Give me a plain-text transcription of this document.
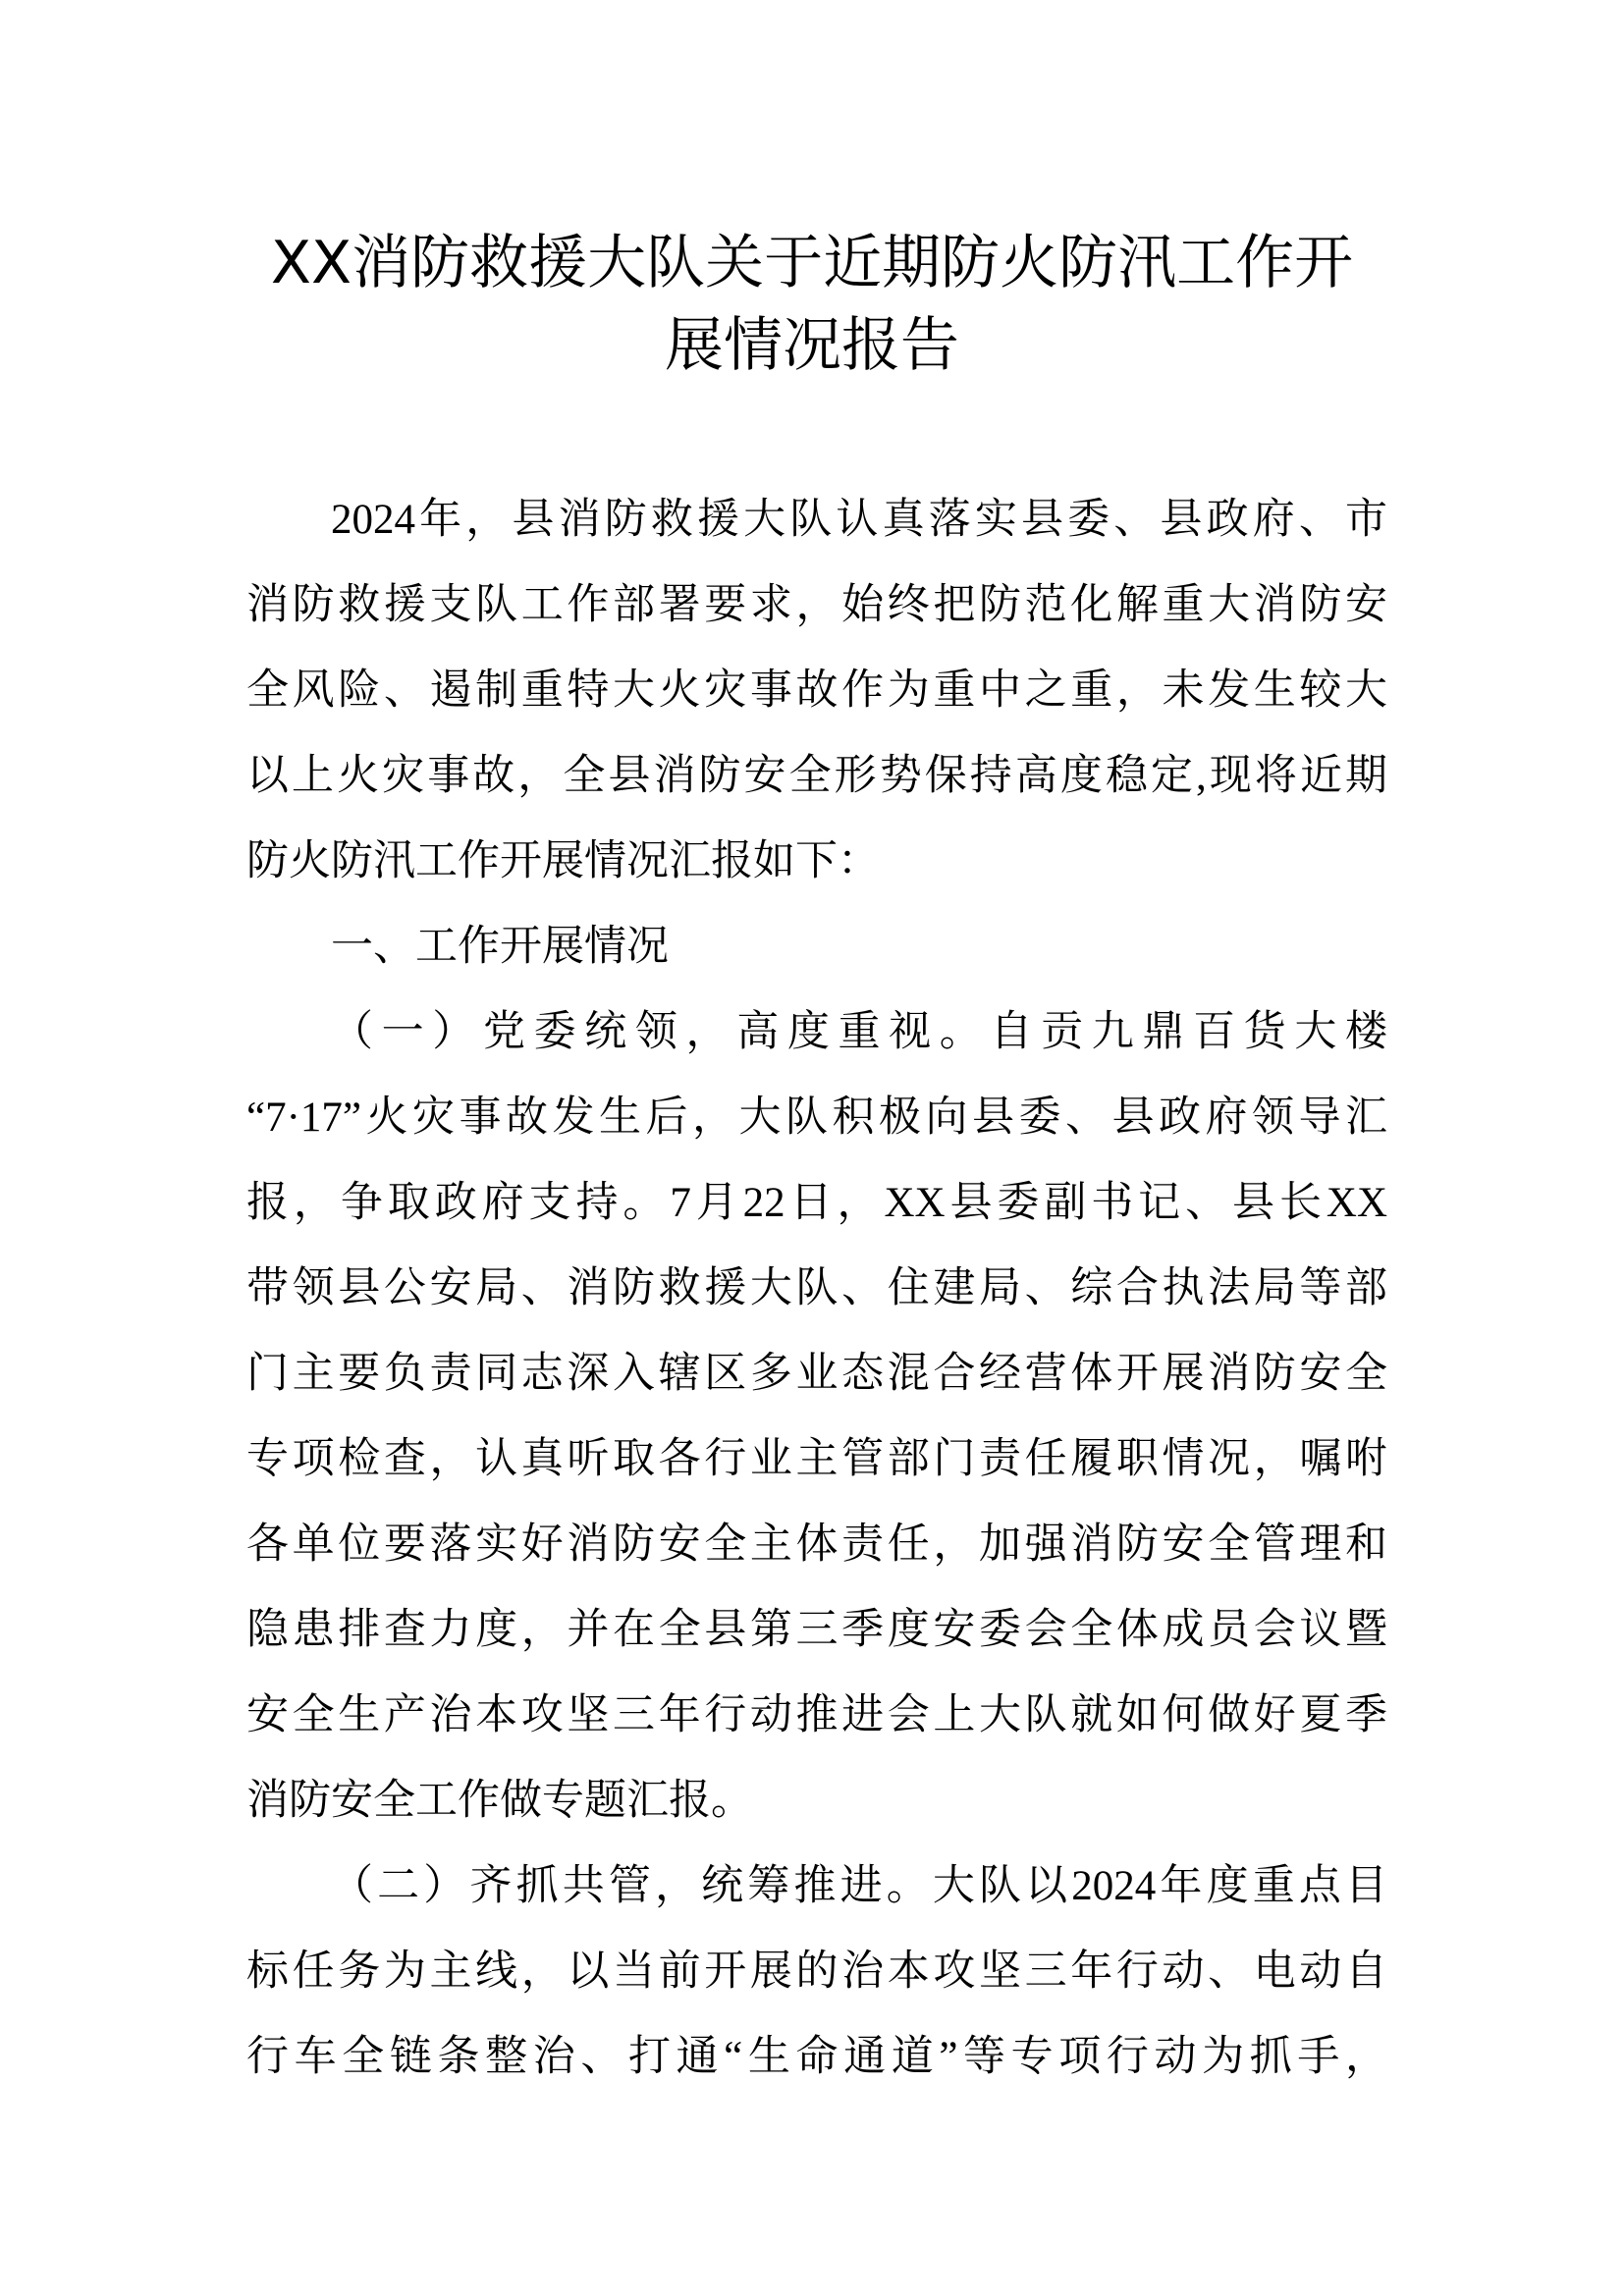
XX消防救援大队关于近期防火防汛工作开
展情况报告
2024年，县消防救援大队认真落实县委、县政府、市
消防救援支队工作部署要求，始终把防范化解重大消防安
全风险、遏制重特大火灾事故作为重中之重，未发生较大
以上火灾事故，全县消防安全形势保持高度稳定,现将近期
防火防汛工作开展情况汇报如下：
一、工作开展情况
（一）党委统领，高度重视。自贡九鼎百货大楼
“7·17”火灾事故发生后，大队积极向县委、县政府领导汇
报，争取政府支持。7月22日，XX县委副书记、县长XX
带领县公安局、消防救援大队、住建局、综合执法局等部
门主要负责同志深入辖区多业态混合经营体开展消防安全
专项检查，认真听取各行业主管部门责任履职情况，嘱咐
各单位要落实好消防安全主体责任，加强消防安全管理和
隐患排查力度，并在全县第三季度安委会全体成员会议暨
安全生产治本攻坚三年行动推进会上大队就如何做好夏季
消防安全工作做专题汇报。
（二）齐抓共管，统筹推进。大队以2024年度重点目
标任务为主线，以当前开展的治本攻坚三年行动、电动自
行车全链条整治、打通“生命通道”等专项行动为抓手，
